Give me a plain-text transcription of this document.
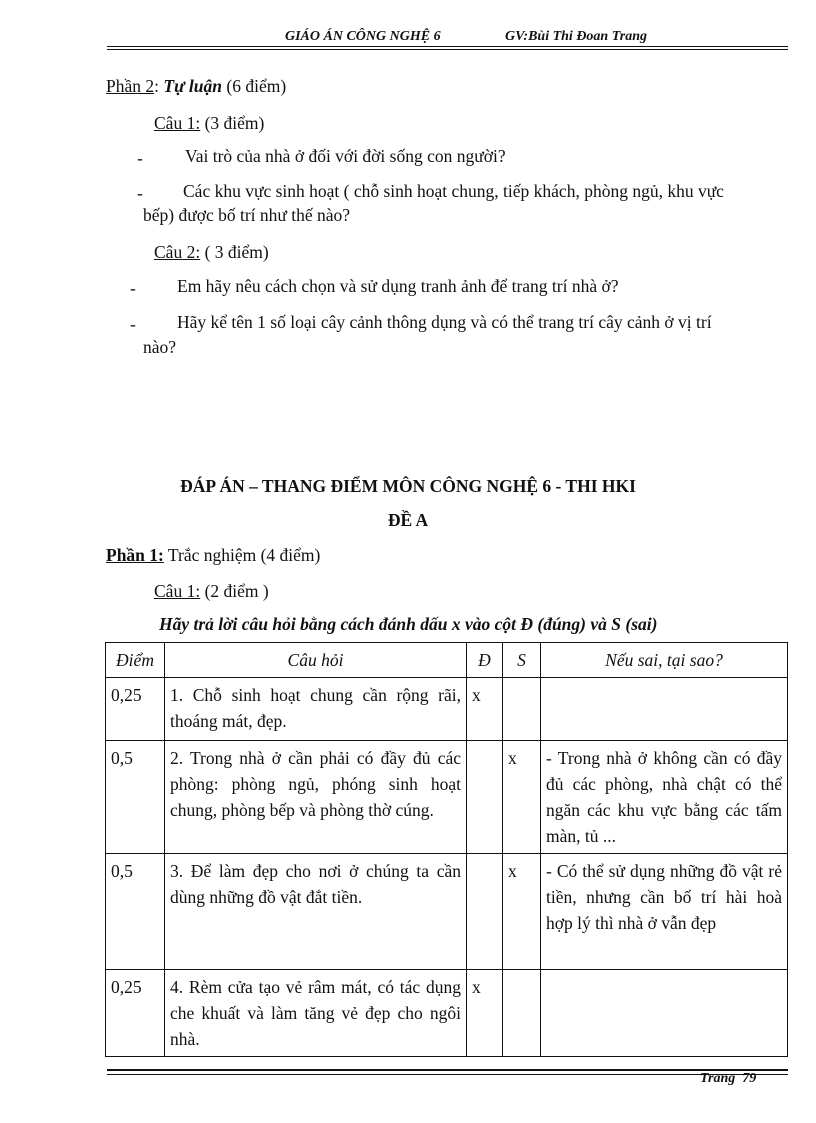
GIÁO ÁN CÔNG NGHỆ 6	GV:Bùi Thi Đoan Trang
Phần 2: Tự luận (6 điểm)
Câu 1: (3 điểm)
- Vai trò của nhà ở đối với đời sống con người?
- Các khu vực sinh hoạt ( chỗ sinh hoạt chung, tiếp khách, phòng ngủ, khu vực
bếp) được bố trí như thế nào?
Câu 2: ( 3 điểm)
- Em hãy nêu cách chọn và sử dụng tranh ảnh để trang trí nhà ở?
- Hãy kể tên 1 số loại cây cảnh thông dụng và có thể trang trí cây cảnh ở vị trí
nào?
ĐÁP ÁN – THANG ĐIỂM MÔN CÔNG NGHỆ 6 - THI HKI
ĐỀ A
Phần 1: Trắc nghiệm (4 điểm)
Câu 1: (2 điểm )
Hãy trả lời câu hỏi bằng cách đánh dấu x vào cột Đ (đúng) và S (sai)
Điểm	Câu hỏi	Đ	S	Nếu sai, tại sao?
0,25	1. Chỗ sinh hoạt chung cần rộng rãi, thoáng mát, đẹp.	x		
0,5	2. Trong nhà ở cần phải có đầy đủ các phòng: phòng ngủ, phóng sinh hoạt chung, phòng bếp và phòng thờ cúng.		x	- Trong nhà ở không cần có đầy đủ các phòng, nhà chật có thể ngăn các khu vực bằng các tấm màn, tủ ...
0,5	3. Để làm đẹp cho nơi ở chúng ta cần dùng những đồ vật đắt tiền.		x	- Có thể sử dụng những đồ vật rẻ tiền, nhưng cần bố trí hài hoà hợp lý thì nhà ở vẫn đẹp
0,25	4. Rèm cửa tạo vẻ râm mát, có tác dụng che khuất và làm tăng vẻ đẹp cho ngôi nhà.	x		
Trang 79
